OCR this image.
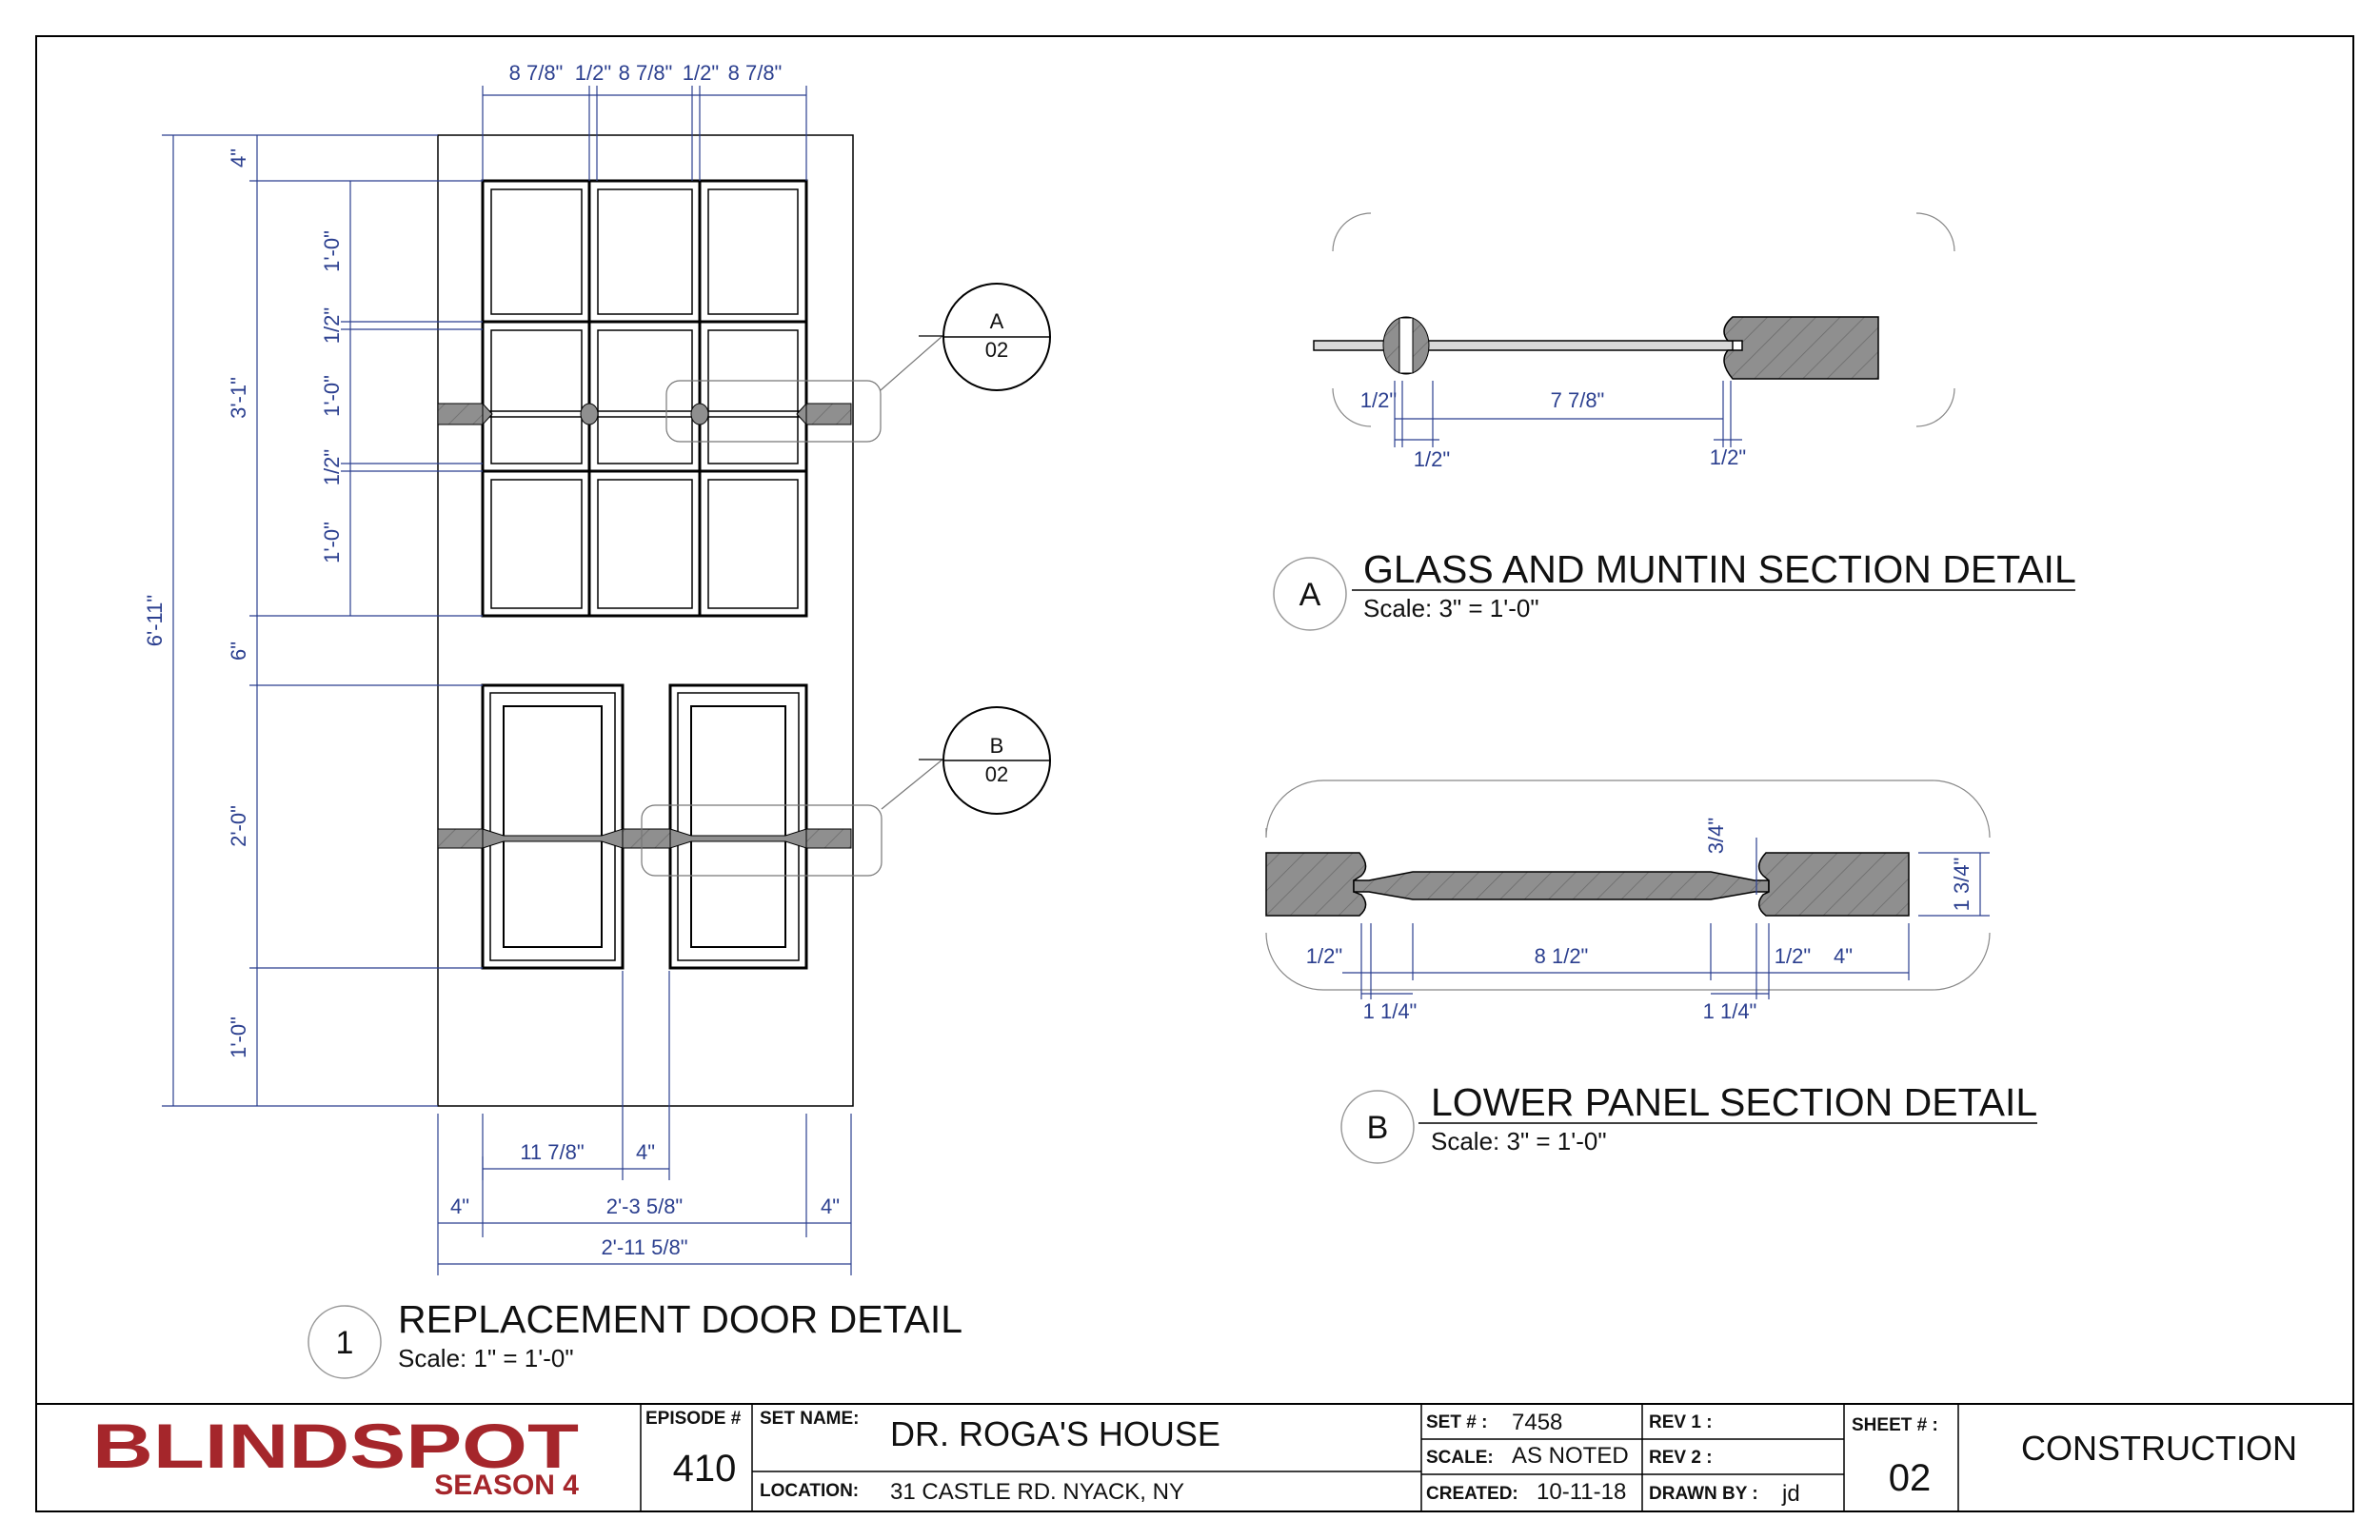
A
02
B
02
8 7/8" 1/2" 8 7/8" 1/2" 8 7/8"
6'-11"
4"
3'-1"
6"
2'-0"
1'-0"
1'-0"
1/2"
1'-0"
1/2"
1'-0"
11 7/8" 4"
4"	2'-3 5/8"	4"
2'-11 5/8"
1
REPLACEMENT DOOR DETAIL
Scale: 1" = 1'-0"
1/2"	7 7/8"
1/2"	1/2"
A
GLASS AND MUNTIN SECTION DETAIL
Scale: 3" = 1'-0"
1/2"	8 1/2"	1/2" 4"
1 1/4"	1 1/4"
3/4"
1 3/4"
B
LOWER PANEL SECTION DETAIL
Scale: 3" = 1'-0"
BLINDSPOT
SEASON 4
EPISODE #
410
SET NAME: DR. ROGA'S HOUSE
LOCATION: 31 CASTLE RD. NYACK, NY
SET # : 7458
SCALE: AS NOTED
CREATED: 10-11-18
REV 1 :
REV 2 :
DRAWN BY : jd
SHEET # :
02
CONSTRUCTION
